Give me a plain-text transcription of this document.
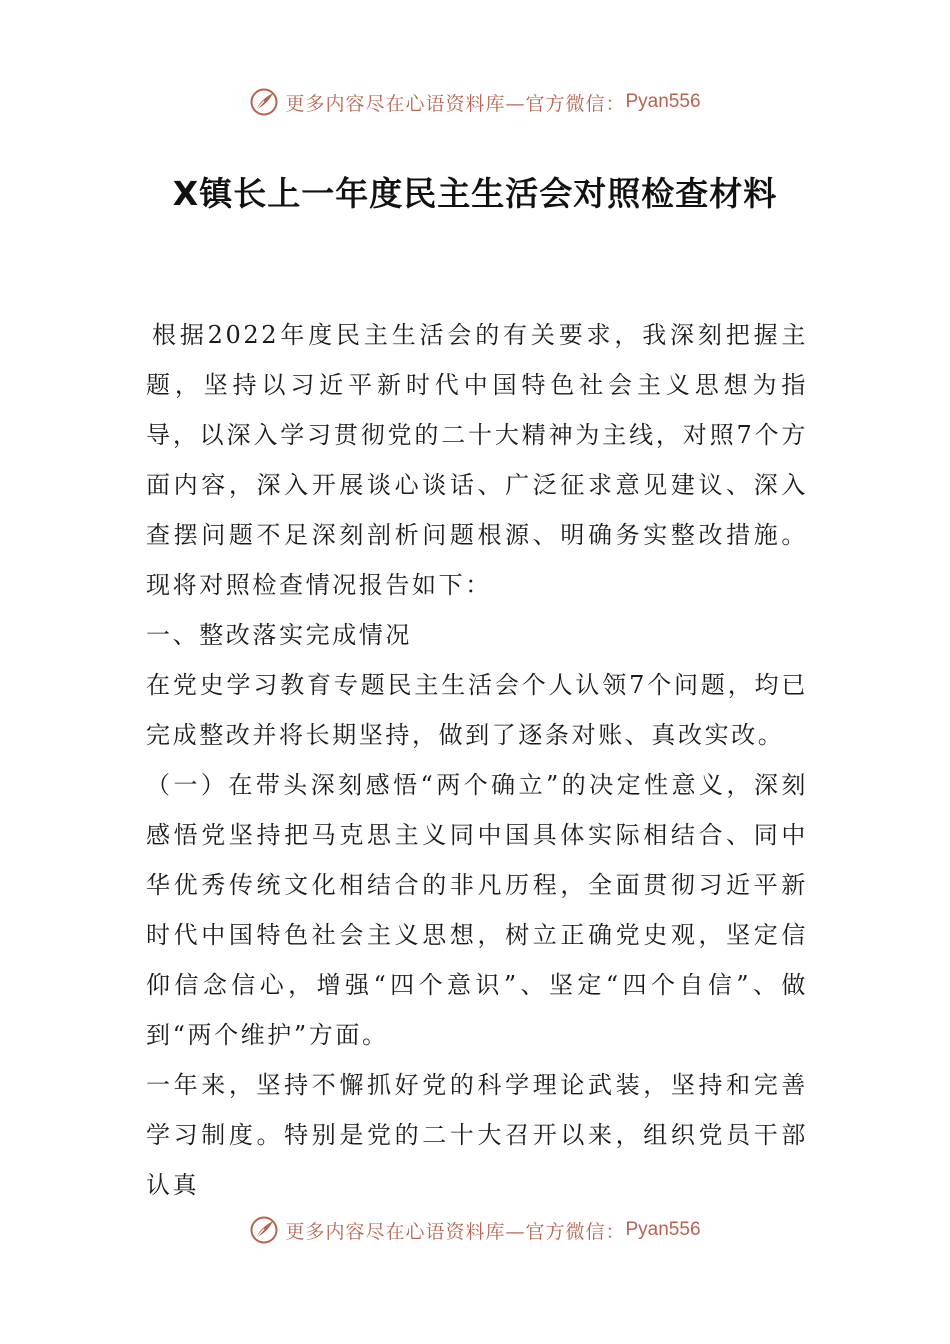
更多内容尽在心语资料库—官方微信： Pyan556
X镇长上一年度民主生活会对照检查材料

根据2022年度民主生活会的有关要求，我深刻把握主题，坚持以习近平新时代中国特色社会主义思想为指导，以深入学习贯彻党的二十大精神为主线，对照7个方面内容，深入开展谈心谈话、广泛征求意见建议、深入查摆问题不足深刻剖析问题根源、明确务实整改措施。现将对照检查情况报告如下：

一、整改落实完成情况

在党史学习教育专题民主生活会个人认领7个问题，均已完成整改并将长期坚持，做到了逐条对账、真改实改。

（一）在带头深刻感悟“两个确立”的决定性意义，深刻感悟党坚持把马克思主义同中国具体实际相结合、同中华优秀传统文化相结合的非凡历程，全面贯彻习近平新时代中国特色社会主义思想，树立正确党史观，坚定信仰信念信心，增强“四个意识”、坚定“四个自信”、做到“两个维护”方面。

一年来，坚持不懈抓好党的科学理论武装，坚持和完善学习制度。特别是党的二十大召开以来，组织党员干部认真

更多内容尽在心语资料库—官方微信： Pyan556
